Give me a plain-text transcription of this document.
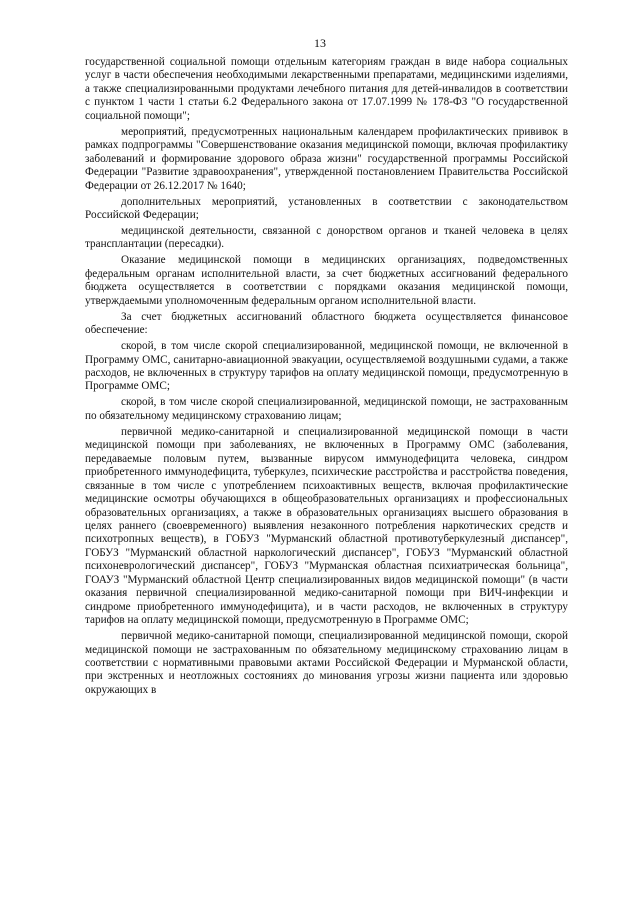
13

государственной социальной помощи отдельным категориям граждан в виде набора социальных услуг в части обеспечения необходимыми лекарственными препаратами, медицинскими изделиями, а также специализированными продуктами лечебного питания для детей-инвалидов в соответствии с пунктом 1 части 1 статьи 6.2 Федерального закона от 17.07.1999 № 178-ФЗ "О государственной социальной помощи";

мероприятий, предусмотренных национальным календарем профилактических прививок в рамках подпрограммы "Совершенствование оказания медицинской помощи, включая профилактику заболеваний и формирование здорового образа жизни" государственной программы Российской Федерации "Развитие здравоохранения", утвержденной постановлением Правительства Российской Федерации от 26.12.2017 № 1640;

дополнительных мероприятий, установленных в соответствии с законодательством Российской Федерации;

медицинской деятельности, связанной с донорством органов и тканей человека в целях трансплантации (пересадки).

Оказание медицинской помощи в медицинских организациях, подведомственных федеральным органам исполнительной власти, за счет бюджетных ассигнований федерального бюджета осуществляется в соответствии с порядками оказания медицинской помощи, утверждаемыми уполномоченным федеральным органом исполнительной власти.

За счет бюджетных ассигнований областного бюджета осуществляется финансовое обеспечение:

скорой, в том числе скорой специализированной, медицинской помощи, не включенной в Программу ОМС, санитарно-авиационной эвакуации, осуществляемой воздушными судами, а также расходов, не включенных в структуру тарифов на оплату медицинской помощи, предусмотренную в Программе ОМС;

скорой, в том числе скорой специализированной, медицинской помощи, не застрахованным по обязательному медицинскому страхованию лицам;

первичной медико-санитарной и специализированной медицинской помощи в части медицинской помощи при заболеваниях, не включенных в Программу ОМС (заболевания, передаваемые половым путем, вызванные вирусом иммунодефицита человека, синдром приобретенного иммунодефицита, туберкулез, психические расстройства и расстройства поведения, связанные в том числе с употреблением психоактивных веществ, включая профилактические медицинские осмотры обучающихся в общеобразовательных организациях и профессиональных образовательных организациях, а также в образовательных организациях высшего образования в целях раннего (своевременного) выявления незаконного потребления наркотических средств и психотропных веществ), в ГОБУЗ "Мурманский областной противотуберкулезный диспансер", ГОБУЗ "Мурманский областной наркологический диспансер", ГОБУЗ "Мурманский областной психоневрологический диспансер", ГОБУЗ "Мурманская областная психиатрическая больница", ГОАУЗ "Мурманский областной Центр специализированных видов медицинской помощи" (в части оказания первичной специализированной медико-санитарной помощи при ВИЧ-инфекции и синдроме приобретенного иммунодефицита), и в части расходов, не включенных в структуру тарифов на оплату медицинской помощи, предусмотренную в Программе ОМС;

первичной медико-санитарной помощи, специализированной медицинской помощи, скорой медицинской помощи не застрахованным по обязательному медицинскому страхованию лицам в соответствии с нормативными правовыми актами Российской Федерации и Мурманской области, при экстренных и неотложных состояниях до минования угрозы жизни пациента или здоровью окружающих в
